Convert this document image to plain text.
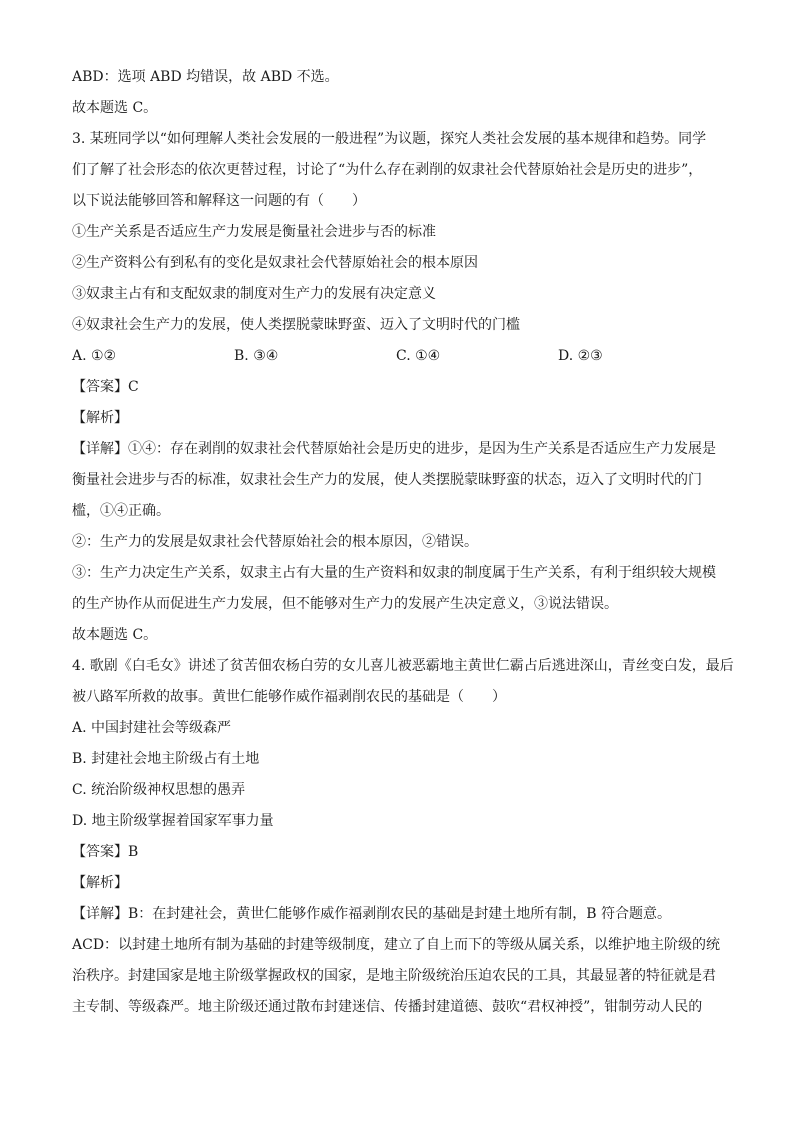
ABD：选项 ABD 均错误，故 ABD 不选。
故本题选 C。
3. 某班同学以“如何理解人类社会发展的一般进程”为议题，探究人类社会发展的基本规律和趋势。同学
们了解了社会形态的依次更替过程，讨论了“为什么存在剥削的奴隶社会代替原始社会是历史的进步”，
以下说法能够回答和解释这一问题的有（　　）
①生产关系是否适应生产力发展是衡量社会进步与否的标准
②生产资料公有到私有的变化是奴隶社会代替原始社会的根本原因
③奴隶主占有和支配奴隶的制度对生产力的发展有决定意义
④奴隶社会生产力的发展，使人类摆脱蒙昧野蛮、迈入了文明时代的门槛
A. ①②	B. ③④	C. ①④	D. ②③
【答案】C
【解析】
【详解】①④：存在剥削的奴隶社会代替原始社会是历史的进步，是因为生产关系是否适应生产力发展是
衡量社会进步与否的标准，奴隶社会生产力的发展，使人类摆脱蒙昧野蛮的状态，迈入了文明时代的门
槛，①④正确。
②：生产力的发展是奴隶社会代替原始社会的根本原因，②错误。
③：生产力决定生产关系，奴隶主占有大量的生产资料和奴隶的制度属于生产关系，有利于组织较大规模
的生产协作从而促进生产力发展，但不能够对生产力的发展产生决定意义，③说法错误。
故本题选 C。
4. 歌剧《白毛女》讲述了贫苦佃农杨白劳的女儿喜儿被恶霸地主黄世仁霸占后逃进深山，青丝变白发，最后
被八路军所救的故事。黄世仁能够作威作福剥削农民的基础是（　　）
A. 中国封建社会等级森严
B. 封建社会地主阶级占有土地
C. 统治阶级神权思想的愚弄
D. 地主阶级掌握着国家军事力量
【答案】B
【解析】
【详解】B：在封建社会，黄世仁能够作威作福剥削农民的基础是封建土地所有制，B 符合题意。
ACD：以封建土地所有制为基础的封建等级制度，建立了自上而下的等级从属关系，以维护地主阶级的统
治秩序。封建国家是地主阶级掌握政权的国家，是地主阶级统治压迫农民的工具，其最显著的特征就是君
主专制、等级森严。地主阶级还通过散布封建迷信、传播封建道德、鼓吹“君权神授”，钳制劳动人民的
